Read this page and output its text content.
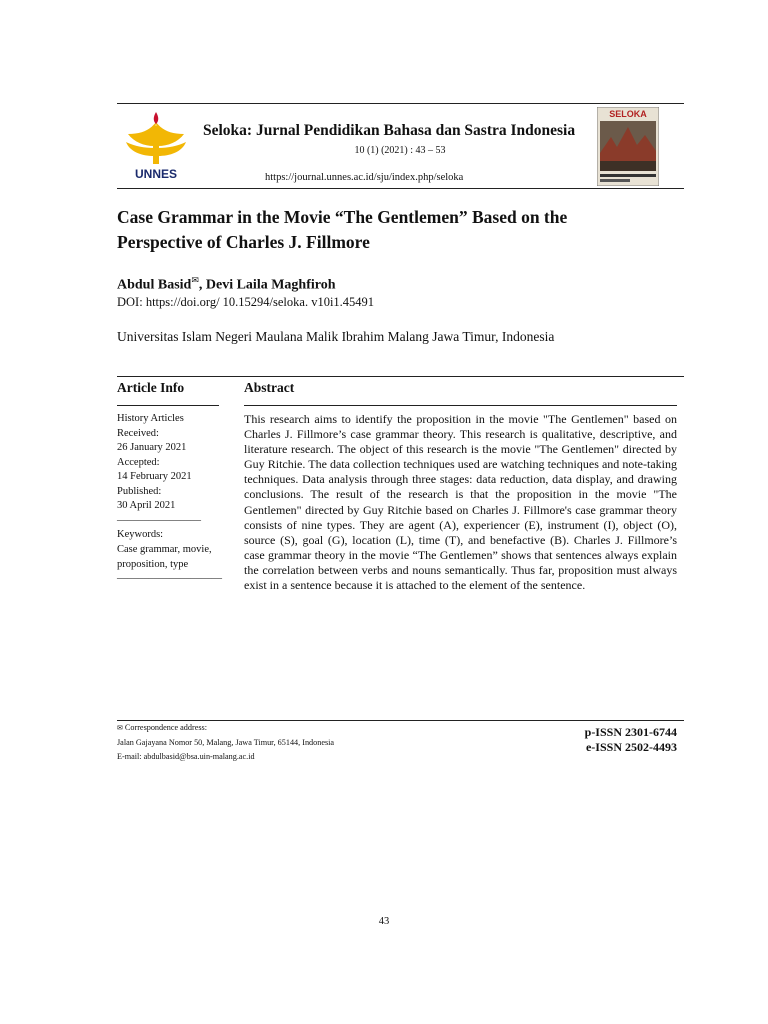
UNNES
Seloka: Jurnal Pendidikan Bahasa dan Sastra Indonesia
10 (1) (2021) : 43 – 53
https://journal.unnes.ac.id/sju/index.php/seloka
SELOKA
Case Grammar in the Movie “The Gentlemen” Based on the Perspective of Charles J. Fillmore
Abdul Basid✉, Devi Laila Maghfiroh
DOI: https://doi.org/ 10.15294/seloka. v10i1.45491
Universitas Islam Negeri Maulana Malik Ibrahim Malang Jawa Timur, Indonesia
Article Info	Abstract
History Articles
Received:
26 January 2021
Accepted:
14 February 2021
Published:
30 April 2021
________________
Keywords:
Case grammar, movie,
proposition, type
____________________
This research aims to identify the proposition in the movie "The Gentlemen" based on Charles J. Fillmore’s case grammar theory. This research is qualitative, descriptive, and literature research. The object of this research is the movie "The Gentlemen" directed by Guy Ritchie. The data collection techniques used are watching techniques and note-taking techniques. Data analysis through three stages: data reduction, data display, and drawing conclusions. The result of the research is that the proposition in the movie "The Gentlemen" directed by Guy Ritchie based on Charles J. Fillmore's case grammar theory consists of nine types. They are agent (A), experiencer (E), instrument (I), object (O), source (S), goal (G), location (L), time (T), and benefactive (B). Charles J. Fillmore’s case grammar theory in the movie “The Gentlemen” shows that sentences always explain the correlation between verbs and nouns semantically. Thus far, proposition must always exist in a sentence because it is attached to the element of the sentence.
✉ Correspondence address:
Jalan Gajayana Nomor 50, Malang, Jawa Timur, 65144, Indonesia
E-mail: abdulbasid@bsa.uin-malang.ac.id
p-ISSN 2301-6744
e-ISSN 2502-4493
43
